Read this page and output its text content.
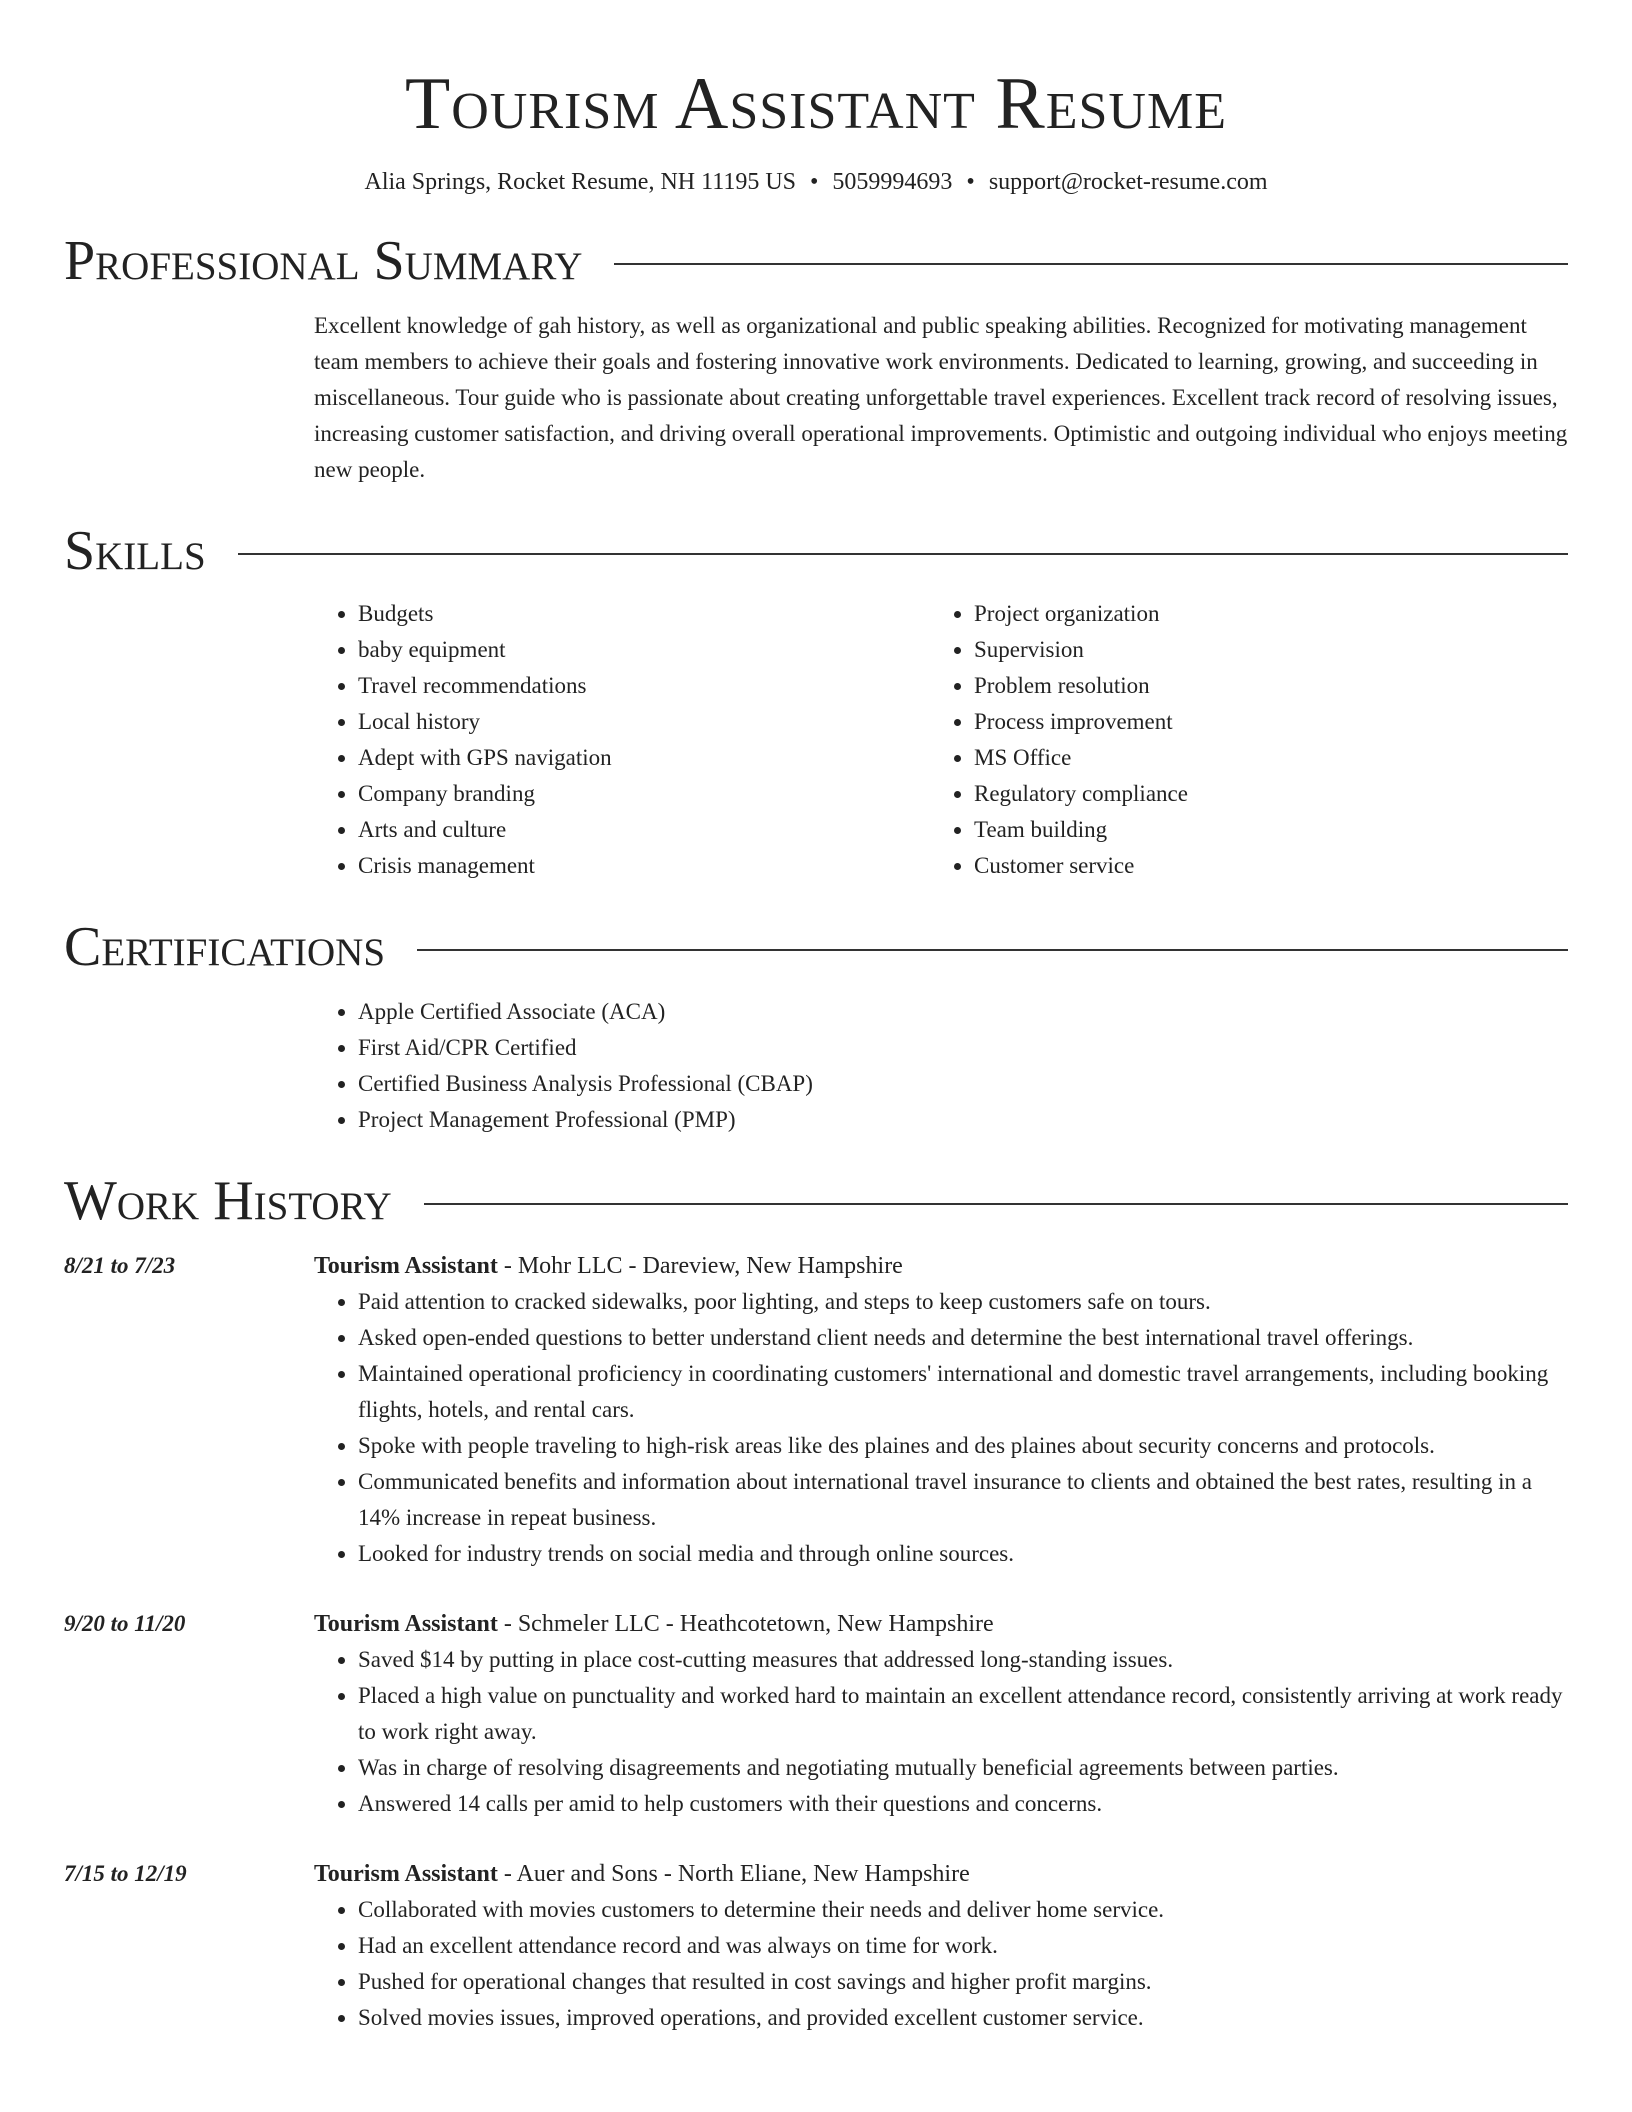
Tourism Assistant Resume
Alia Springs, Rocket Resume, NH 11195 US • 5059994693 • support@rocket-resume.com
Professional Summary

Excellent knowledge of gah history, as well as organizational and public speaking abilities. Recognized for motivating management team members to achieve their goals and fostering innovative work environments. Dedicated to learning, growing, and succeeding in miscellaneous. Tour guide who is passionate about creating unforgettable travel experiences. Excellent track record of resolving issues, increasing customer satisfaction, and driving overall operational improvements. Optimistic and outgoing individual who enjoys meeting new people.

Skills
• Budgets
• baby equipment
• Travel recommendations
• Local history
• Adept with GPS navigation
• Company branding
• Arts and culture
• Crisis management
• Project organization
• Supervision
• Problem resolution
• Process improvement
• MS Office
• Regulatory compliance
• Team building
• Customer service
Certifications
• Apple Certified Associate (ACA)
• First Aid/CPR Certified
• Certified Business Analysis Professional (CBAP)
• Project Management Professional (PMP)
Work History
8/21 to 7/23	Tourism Assistant - Mohr LLC - Dareview, New Hampshire
• Paid attention to cracked sidewalks, poor lighting, and steps to keep customers safe on tours.
• Asked open-ended questions to better understand client needs and determine the best international travel offerings.
• Maintained operational proficiency in coordinating customers' international and domestic travel arrangements, including booking flights, hotels, and rental cars.
• Spoke with people traveling to high-risk areas like des plaines and des plaines about security concerns and protocols.
• Communicated benefits and information about international travel insurance to clients and obtained the best rates, resulting in a 14% increase in repeat business.
• Looked for industry trends on social media and through online sources.
9/20 to 11/20	Tourism Assistant - Schmeler LLC - Heathcotetown, New Hampshire
• Saved $14 by putting in place cost-cutting measures that addressed long-standing issues.
• Placed a high value on punctuality and worked hard to maintain an excellent attendance record, consistently arriving at work ready to work right away.
• Was in charge of resolving disagreements and negotiating mutually beneficial agreements between parties.
• Answered 14 calls per amid to help customers with their questions and concerns.
7/15 to 12/19	Tourism Assistant - Auer and Sons - North Eliane, New Hampshire
• Collaborated with movies customers to determine their needs and deliver home service.
• Had an excellent attendance record and was always on time for work.
• Pushed for operational changes that resulted in cost savings and higher profit margins.
• Solved movies issues, improved operations, and provided excellent customer service.
